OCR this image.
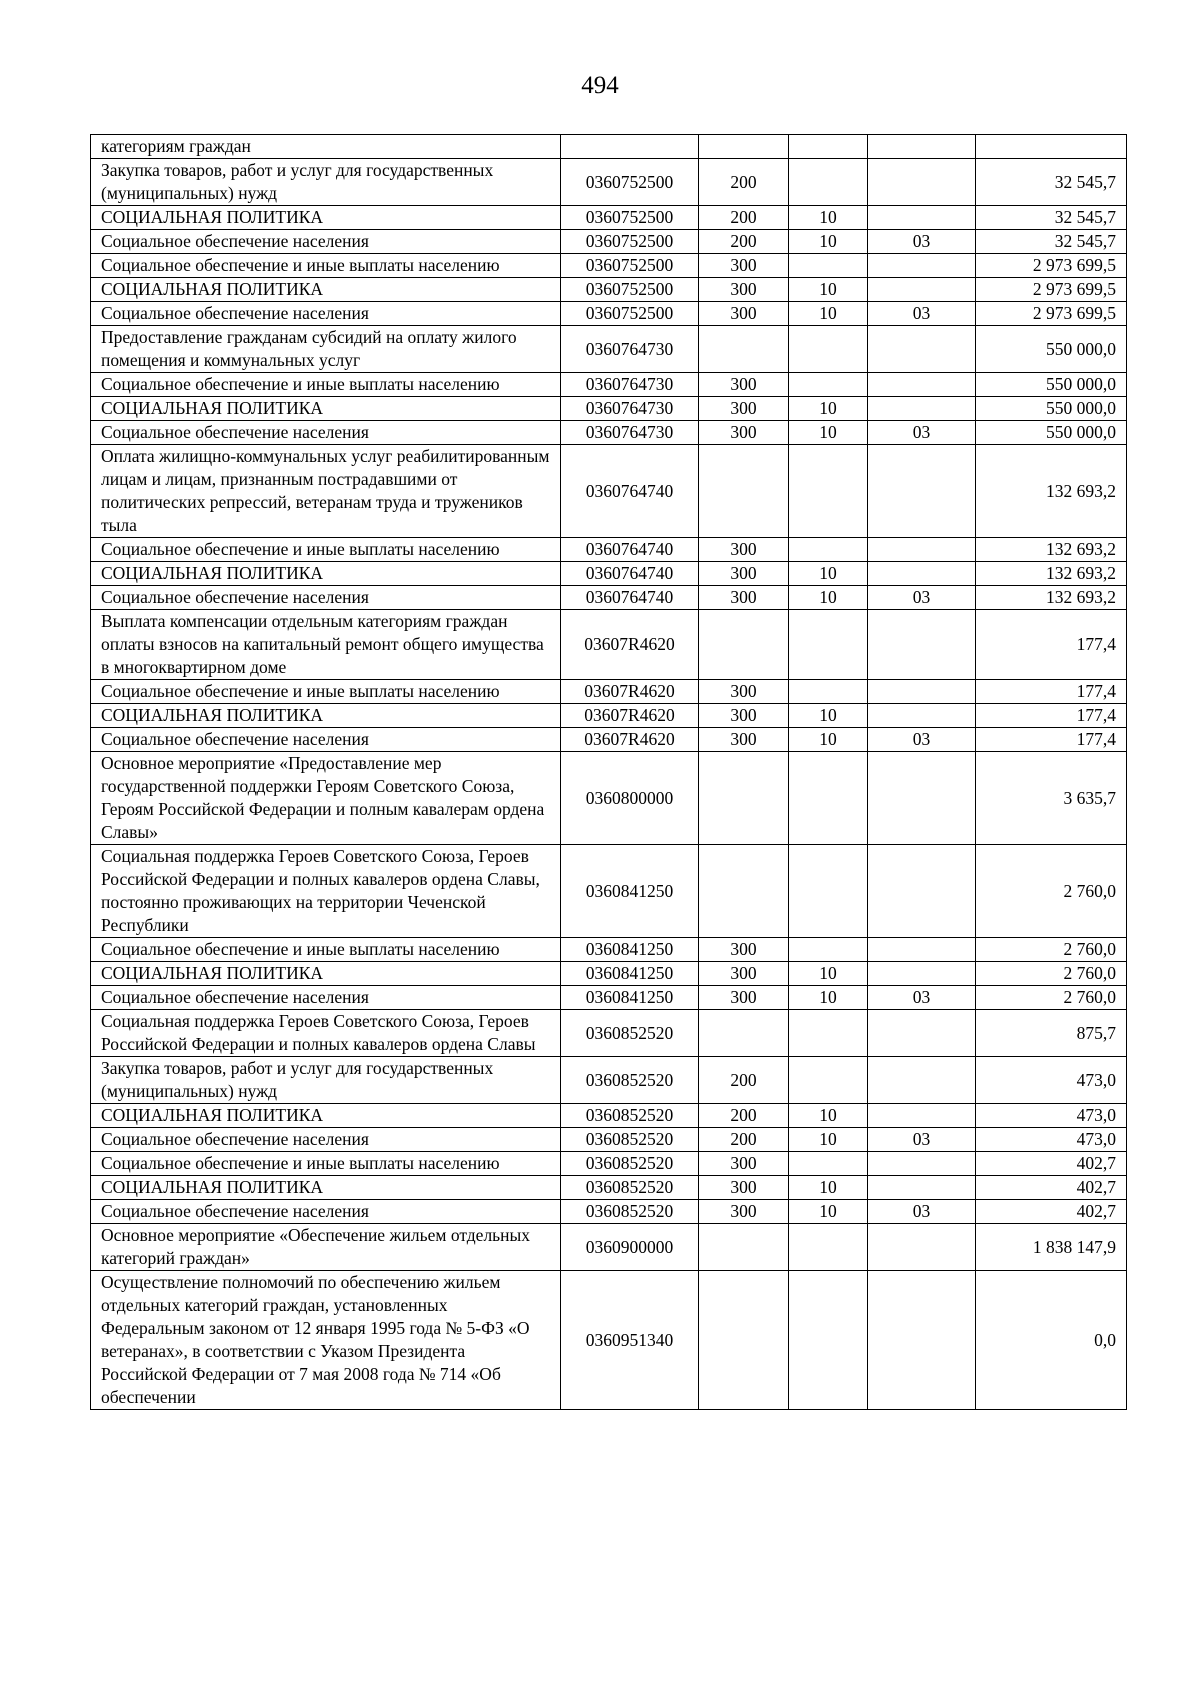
494
категориям граждан					
Закупка товаров, работ и услуг для государственных (муниципальных) нужд	0360752500	200			32 545,7
СОЦИАЛЬНАЯ ПОЛИТИКА	0360752500	200	10		32 545,7
Социальное обеспечение населения	0360752500	200	10	03	32 545,7
Социальное обеспечение и иные выплаты населению	0360752500	300			2 973 699,5
СОЦИАЛЬНАЯ ПОЛИТИКА	0360752500	300	10		2 973 699,5
Социальное обеспечение населения	0360752500	300	10	03	2 973 699,5
Предоставление гражданам субсидий на оплату жилого помещения и коммунальных услуг	0360764730				550 000,0
Социальное обеспечение и иные выплаты населению	0360764730	300			550 000,0
СОЦИАЛЬНАЯ ПОЛИТИКА	0360764730	300	10		550 000,0
Социальное обеспечение населения	0360764730	300	10	03	550 000,0
Оплата жилищно-коммунальных услуг реабилитированным лицам и лицам, признанным пострадавшими от политических репрессий, ветеранам труда и тружеников тыла	0360764740				132 693,2
Социальное обеспечение и иные выплаты населению	0360764740	300			132 693,2
СОЦИАЛЬНАЯ ПОЛИТИКА	0360764740	300	10		132 693,2
Социальное обеспечение населения	0360764740	300	10	03	132 693,2
Выплата компенсации отдельным категориям граждан оплаты взносов на капитальный ремонт общего имущества в многоквартирном доме	03607R4620				177,4
Социальное обеспечение и иные выплаты населению	03607R4620	300			177,4
СОЦИАЛЬНАЯ ПОЛИТИКА	03607R4620	300	10		177,4
Социальное обеспечение населения	03607R4620	300	10	03	177,4
Основное мероприятие «Предоставление мер государственной поддержки Героям Советского Союза, Героям Российской Федерации и полным кавалерам ордена Славы»	0360800000				3 635,7
Социальная поддержка Героев Советского Союза, Героев Российской Федерации и полных кавалеров ордена Славы, постоянно проживающих на территории Чеченской Республики	0360841250				2 760,0
Социальное обеспечение и иные выплаты населению	0360841250	300			2 760,0
СОЦИАЛЬНАЯ ПОЛИТИКА	0360841250	300	10		2 760,0
Социальное обеспечение населения	0360841250	300	10	03	2 760,0
Социальная поддержка Героев Советского Союза, Героев Российской Федерации и полных кавалеров ордена Славы	0360852520				875,7
Закупка товаров, работ и услуг для государственных (муниципальных) нужд	0360852520	200			473,0
СОЦИАЛЬНАЯ ПОЛИТИКА	0360852520	200	10		473,0
Социальное обеспечение населения	0360852520	200	10	03	473,0
Социальное обеспечение и иные выплаты населению	0360852520	300			402,7
СОЦИАЛЬНАЯ ПОЛИТИКА	0360852520	300	10		402,7
Социальное обеспечение населения	0360852520	300	10	03	402,7
Основное мероприятие «Обеспечение жильем отдельных категорий граждан»	0360900000				1 838 147,9
Осуществление полномочий по обеспечению жильем отдельных категорий граждан, установленных Федеральным законом от 12 января 1995 года № 5-ФЗ «О ветеранах», в соответствии с Указом Президента Российской Федерации от 7 мая 2008 года № 714 «Об обеспечении	0360951340				0,0
